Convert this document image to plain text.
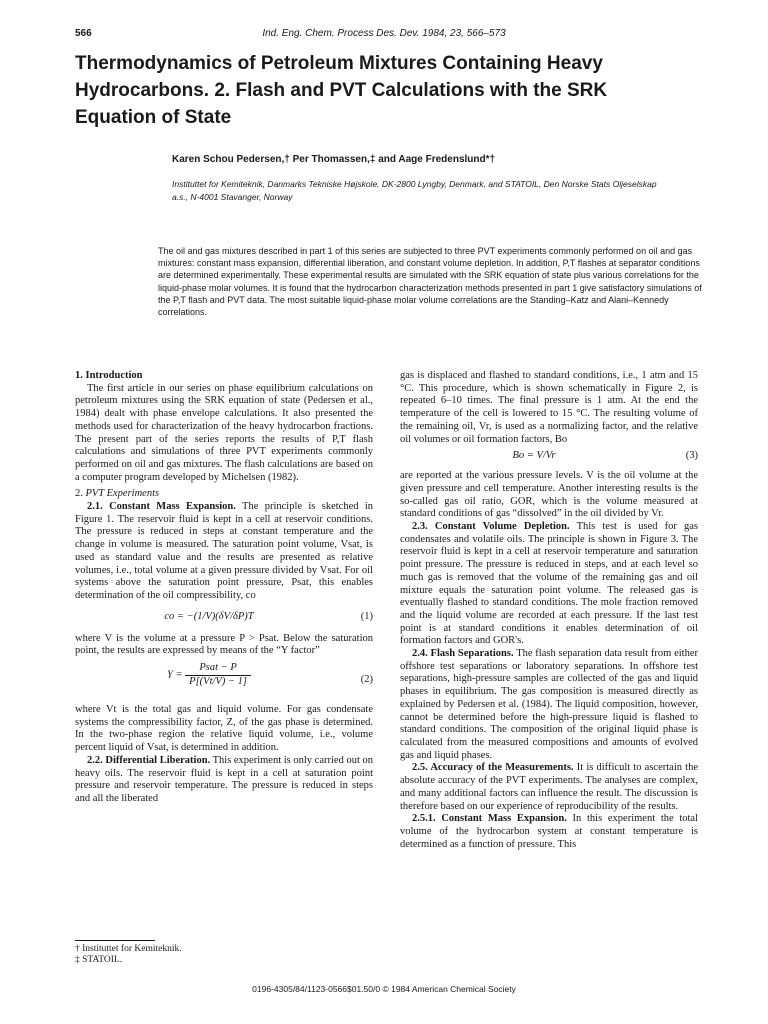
566	Ind. Eng. Chem. Process Des. Dev. 1984, 23, 566–573
Thermodynamics of Petroleum Mixtures Containing Heavy Hydrocarbons. 2. Flash and PVT Calculations with the SRK Equation of State
Karen Schou Pedersen,† Per Thomassen,‡ and Aage Fredenslund*†
Instituttet for Kemiteknik, Danmarks Tekniske Højskole, DK-2800 Lyngby, Denmark, and STATOIL, Den Norske Stats Oljeselskap a.s., N-4001 Stavanger, Norway
The oil and gas mixtures described in part 1 of this series are subjected to three PVT experiments commonly performed on oil and gas mixtures: constant mass expansion, differential liberation, and constant volume depletion. In addition, P,T flashes at separator conditions are determined experimentally. These experimental results are simulated with the SRK equation of state plus various correlations for the liquid-phase molar volumes. It is found that the hydrocarbon characterization methods presented in part 1 give satisfactory simulations of the P,T flash and PVT data. The most suitable liquid-phase molar volume correlations are the Standing–Katz and Alani–Kennedy correlations.

1. Introduction

The first article in our series on phase equilibrium calculations on petroleum mixtures using the SRK equation of state (Pedersen et al., 1984) dealt with phase envelope calculations. It also presented the methods used for characterization of the heavy hydrocarbon fractions. The present part of the series reports the results of P,T flash calculations and simulations of three PVT experiments commonly performed on oil and gas mixtures. The flash calculations are based on a computer program developed by Michelsen (1982).

2. PVT Experiments

2.1. Constant Mass Expansion. The principle is sketched in Figure 1. The reservoir fluid is kept in a cell at reservoir conditions. The pressure is reduced in steps at constant temperature and the change in volume is measured. The saturation point volume, Vsat, is used as standard value and the results are presented as relative volumes, i.e., total volume at a given pressure divided by Vsat. For oil systems above the saturation point pressure, Psat, this enables determination of the oil compressibility, co

co = −(1/V)(δV/δP)T	(1)

where V is the volume at a pressure P > Psat. Below the saturation point, the results are expressed by means of the “Y factor”

$Y = \frac{\text{Psat − P}}{P[(Vt/V) - 1]}$	(2)

where Vt is the total gas and liquid volume. For gas condensate systems the compressibility factor, Z, of the gas phase is determined. In the two-phase region the relative liquid volume, i.e., volume percent liquid of Vsat, is determined in addition.

2.2. Differential Liberation. This experiment is only carried out on heavy oils. The reservoir fluid is kept in a cell at saturation point pressure and reservoir temperature. The pressure is reduced in steps and all the liberated

gas is displaced and flashed to standard conditions, i.e., 1 atm and 15 °C. This procedure, which is shown schematically in Figure 2, is repeated 6–10 times. The final pressure is 1 atm. At the end the temperature of the cell is lowered to 15 °C. The resulting volume of the remaining oil, Vr, is used as a normalizing factor, and the relative oil volumes or oil formation factors, Bo

Bo = V/Vr	(3)

are reported at the various pressure levels. V is the oil volume at the given pressure and cell temperature. Another interesting results is the so-called gas oil ratio, GOR, which is the volume measured at standard conditions of gas “dissolved” in the oil divided by Vr.

2.3. Constant Volume Depletion. This test is used for gas condensates and volatile oils. The principle is shown in Figure 3. The reservoir fluid is kept in a cell at reservoir temperature and saturation point pressure. The pressure is reduced in steps, and at each level so much gas is removed that the volume of the remaining gas and oil mixture equals the saturation point volume. The released gas is eventually flashed to standard conditions. The mole fraction removed and the liquid volume are recorded at each pressure. If the last test point is at standard conditions it enables determination of oil formation factors and GOR's.

2.4. Flash Separations. The flash separation data result from either offshore test separations or laboratory separations. In offshore test separations, high-pressure samples are collected of the gas and liquid phases in equilibrium. The gas composition is measured directly as explained by Pedersen et al. (1984). The liquid composition, however, cannot be determined before the high-pressure liquid is flashed to standard conditions. The composition of the original liquid phase is calculated from the measured compositions and amounts of evolved gas and liquid phases.

2.5. Accuracy of the Measurements. It is difficult to ascertain the absolute accuracy of the PVT experiments. The analyses are complex, and many additional factors can influence the result. The discussion is therefore based on our experience of reproducibility of the results.

2.5.1. Constant Mass Expansion. In this experiment the total volume of the hydrocarbon system at constant temperature is determined as a function of pressure. This

† Instituttet for Kemiteknik.
‡ STATOIL.
0196-4305/84/1123-0566$01.50/0 © 1984 American Chemical Society
